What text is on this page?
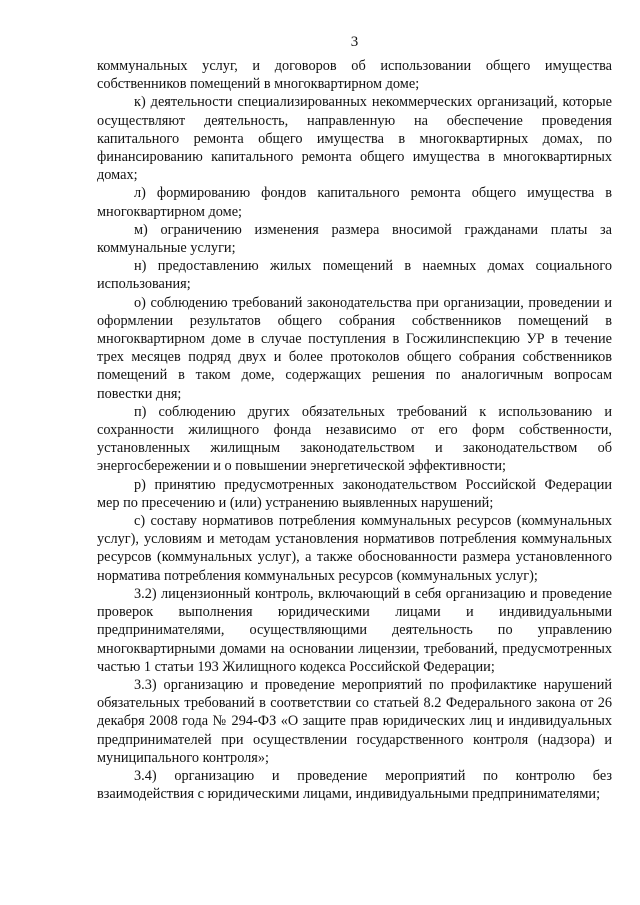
3

коммунальных услуг, и договоров об использовании общего имущества собственников помещений в многоквартирном доме;

к) деятельности специализированных некоммерческих организаций, которые осуществляют деятельность, направленную на обеспечение проведения капитального ремонта общего имущества в многоквартирных домах, по финансированию капитального ремонта общего имущества в многоквартирных домах;

л) формированию фондов капитального ремонта общего имущества в многоквартирном доме;

м) ограничению изменения размера вносимой гражданами платы за коммунальные услуги;

н) предоставлению жилых помещений в наемных домах социального использования;

о) соблюдению требований законодательства при организации, проведении и оформлении результатов общего собрания собственников помещений в многоквартирном доме в случае поступления в Госжилинспекцию УР в течение трех месяцев подряд двух и более протоколов общего собрания собственников помещений в таком доме, содержащих решения по аналогичным вопросам повестки дня;

п) соблюдению других обязательных требований к использованию и сохранности жилищного фонда независимо от его форм собственности, установленных жилищным законодательством и законодательством об энергосбережении и о повышении энергетической эффективности;

р) принятию предусмотренных законодательством Российской Федерации мер по пресечению и (или) устранению выявленных нарушений;

с) составу нормативов потребления коммунальных ресурсов (коммунальных услуг), условиям и методам установления нормативов потребления коммунальных ресурсов (коммунальных услуг), а также обоснованности размера установленного норматива потребления коммунальных ресурсов (коммунальных услуг);

3.2) лицензионный контроль, включающий в себя организацию и проведение проверок выполнения юридическими лицами и индивидуальными предпринимателями, осуществляющими деятельность по управлению многоквартирными домами на основании лицензии, требований, предусмотренных частью 1 статьи 193 Жилищного кодекса Российской Федерации;

3.3) организацию и проведение мероприятий по профилактике нарушений обязательных требований в соответствии со статьей 8.2 Федерального закона от 26 декабря 2008 года № 294-ФЗ «О защите прав юридических лиц и индивидуальных предпринимателей при осуществлении государственного контроля (надзора) и муниципального контроля»;

3.4) организацию и проведение мероприятий по контролю без взаимодействия с юридическими лицами, индивидуальными предпринимателями;
